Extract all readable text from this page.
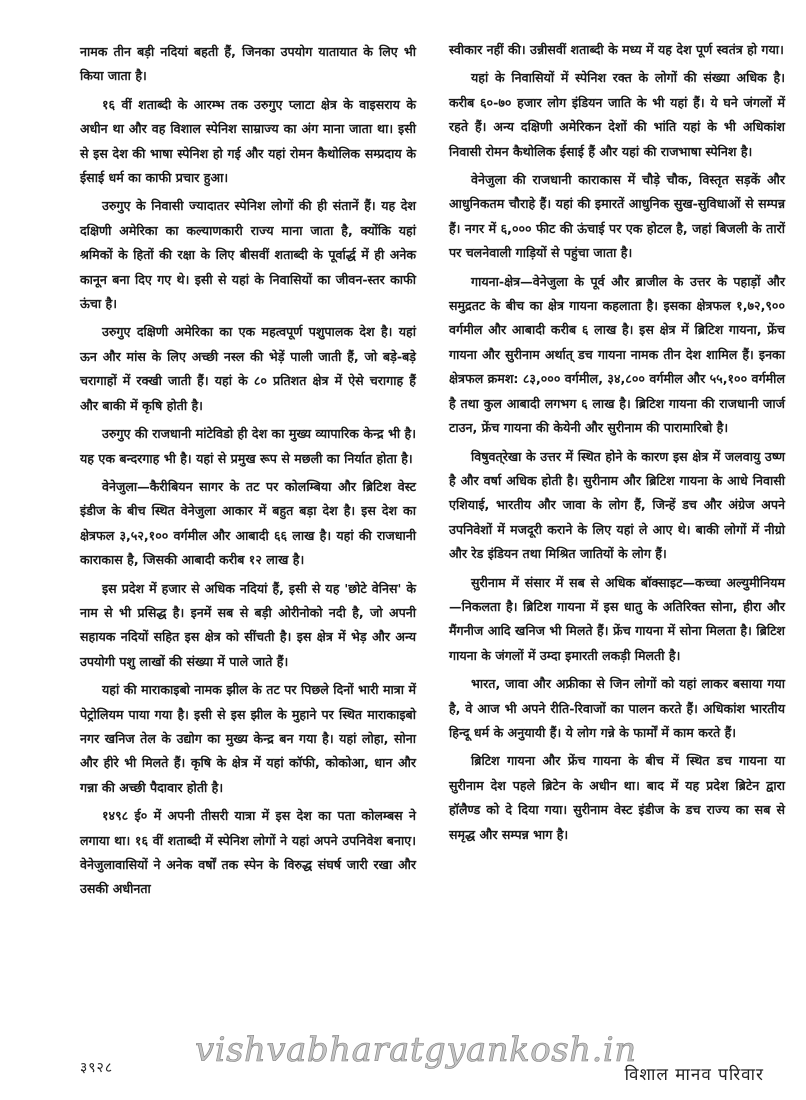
नामक तीन बड़ी नदियां बहती हैं, जिनका उपयोग यातायात के लिए भी किया जाता है।

१६ वीं शताब्दी के आरम्भ तक उरुगुए प्लाटा क्षेत्र के वाइसराय के अधीन था और वह विशाल स्पेनिश साम्राज्य का अंग माना जाता था। इसी से इस देश की भाषा स्पेनिश हो गई और यहां रोमन कैथोलिक सम्प्रदाय के ईसाई धर्म का काफी प्रचार हुआ।

उरुगुए के निवासी ज्यादातर स्पेनिश लोगों की ही संतानें हैं। यह देश दक्षिणी अमेरिका का कल्याणकारी राज्य माना जाता है, क्योंकि यहां श्रमिकों के हितों की रक्षा के लिए बीसवीं शताब्दी के पूर्वार्द्ध में ही अनेक कानून बना दिए गए थे। इसी से यहां के निवासियों का जीवन-स्तर काफी ऊंचा है।

उरुगुए दक्षिणी अमेरिका का एक महत्वपूर्ण पशुपालक देश है। यहां ऊन और मांस के लिए अच्छी नस्ल की भेड़ें पाली जाती हैं, जो बड़े-बड़े चरागाहों में रक्खी जाती हैं। यहां के ८० प्रतिशत क्षेत्र में ऐसे चरागाह हैं और बाकी में कृषि होती है।

उरुगुए की राजधानी मांटेविडो ही देश का मुख्य व्यापारिक केन्द्र भी है। यह एक बन्दरगाह भी है। यहां से प्रमुख रूप से मछली का निर्यात होता है।

वेनेजुला—कैरीबियन सागर के तट पर कोलम्बिया और ब्रिटिश वेस्ट इंडीज के बीच स्थित वेनेजुला आकार में बहुत बड़ा देश है। इस देश का क्षेत्रफल ३,५२,१०० वर्गमील और आबादी ६६ लाख है। यहां की राजधानी काराकास है, जिसकी आबादी करीब १२ लाख है।

इस प्रदेश में हजार से अधिक नदियां हैं, इसी से यह 'छोटे वेनिस' के नाम से भी प्रसिद्ध है। इनमें सब से बड़ी ओरीनोको नदी है, जो अपनी सहायक नदियों सहित इस क्षेत्र को सींचती है। इस क्षेत्र में भेड़ और अन्य उपयोगी पशु लाखों की संख्या में पाले जाते हैं।

यहां की माराकाइबो नामक झील के तट पर पिछले दिनों भारी मात्रा में पेट्रोलियम पाया गया है। इसी से इस झील के मुहाने पर स्थित माराकाइबो नगर खनिज तेल के उद्योग का मुख्य केन्द्र बन गया है। यहां लोहा, सोना और हीरे भी मिलते हैं। कृषि के क्षेत्र में यहां कॉफी, कोकोआ, धान और गन्ना की अच्छी पैदावार होती है।

१४९८ ई० में अपनी तीसरी यात्रा में इस देश का पता कोलम्बस ने लगाया था। १६ वीं शताब्दी में स्पेनिश लोगों ने यहां अपने उपनिवेश बनाए। वेनेजुलावासियों ने अनेक वर्षों तक स्पेन के विरुद्ध संघर्ष जारी रखा और उसकी अधीनता

स्वीकार नहीं की। उन्नीसवीं शताब्दी के मध्य में यह देश पूर्ण स्वतंत्र हो गया।

यहां के निवासियों में स्पेनिश रक्त के लोगों की संख्या अधिक है। करीब ६०-७० हजार लोग इंडियन जाति के भी यहां हैं। ये घने जंगलों में रहते हैं। अन्य दक्षिणी अमेरिकन देशों की भांति यहां के भी अधिकांश निवासी रोमन कैथोलिक ईसाई हैं और यहां की राजभाषा स्पेनिश है।

वेनेजुला की राजधानी काराकास में चौड़े चौक, विस्तृत सड़कें और आधुनिकतम चौराहे हैं। यहां की इमारतें आधुनिक सुख-सुविधाओं से सम्पन्न हैं। नगर में ६,००० फीट की ऊंचाई पर एक होटल है, जहां बिजली के तारों पर चलनेवाली गाड़ियों से पहुंचा जाता है।

गायना-क्षेत्र—वेनेजुला के पूर्व और ब्राजील के उत्तर के पहाड़ों और समुद्रतट के बीच का क्षेत्र गायना कहलाता है। इसका क्षेत्रफल १,७२,९०० वर्गमील और आबादी करीब ६ लाख है। इस क्षेत्र में ब्रिटिश गायना, फ्रेंच गायना और सुरीनाम अर्थात् डच गायना नामक तीन देश शामिल हैं। इनका क्षेत्रफल क्रमश: ८३,००० वर्गमील, ३४,८०० वर्गमील और ५५,१०० वर्गमील है तथा कुल आबादी लगभग ६ लाख है। ब्रिटिश गायना की राजधानी जार्ज टाउन, फ्रेंच गायना की केयेनी और सुरीनाम की पारामारिबो है।

विषुवत्‌रेखा के उत्तर में स्थित होने के कारण इस क्षेत्र में जलवायु उष्ण है और वर्षा अधिक होती है। सुरीनाम और ब्रिटिश गायना के आधे निवासी एशियाई, भारतीय और जावा के लोग हैं, जिन्हें डच और अंग्रेज अपने उपनिवेशों में मजदूरी कराने के लिए यहां ले आए थे। बाकी लोगों में नीग्रो और रेड इंडियन तथा मिश्रित जातियों के लोग हैं।

सुरीनाम में संसार में सब से अधिक बॉक्साइट—कच्चा अल्युमीनियम—निकलता है। ब्रिटिश गायना में इस धातु के अतिरिक्त सोना, हीरा और मैंगनीज आदि खनिज भी मिलते हैं। फ्रेंच गायना में सोना मिलता है। ब्रिटिश गायना के जंगलों में उम्दा इमारती लकड़ी मिलती है।

भारत, जावा और अफ्रीका से जिन लोगों को यहां लाकर बसाया गया है, वे आज भी अपने रीति-रिवाजों का पालन करते हैं। अधिकांश भारतीय हिन्दू धर्म के अनुयायी हैं। ये लोग गन्ने के फार्मों में काम करते हैं।

ब्रिटिश गायना और फ्रेंच गायना के बीच में स्थित डच गायना या सुरीनाम देश पहले ब्रिटेन के अधीन था। बाद में यह प्रदेश ब्रिटेन द्वारा हॉलैण्ड को दे दिया गया। सुरीनाम वेस्ट इंडीज के डच राज्य का सब से समृद्ध और सम्पन्न भाग है।

vishvabharatgyankosh.in
३९२८	विशाल मानव परिवार
